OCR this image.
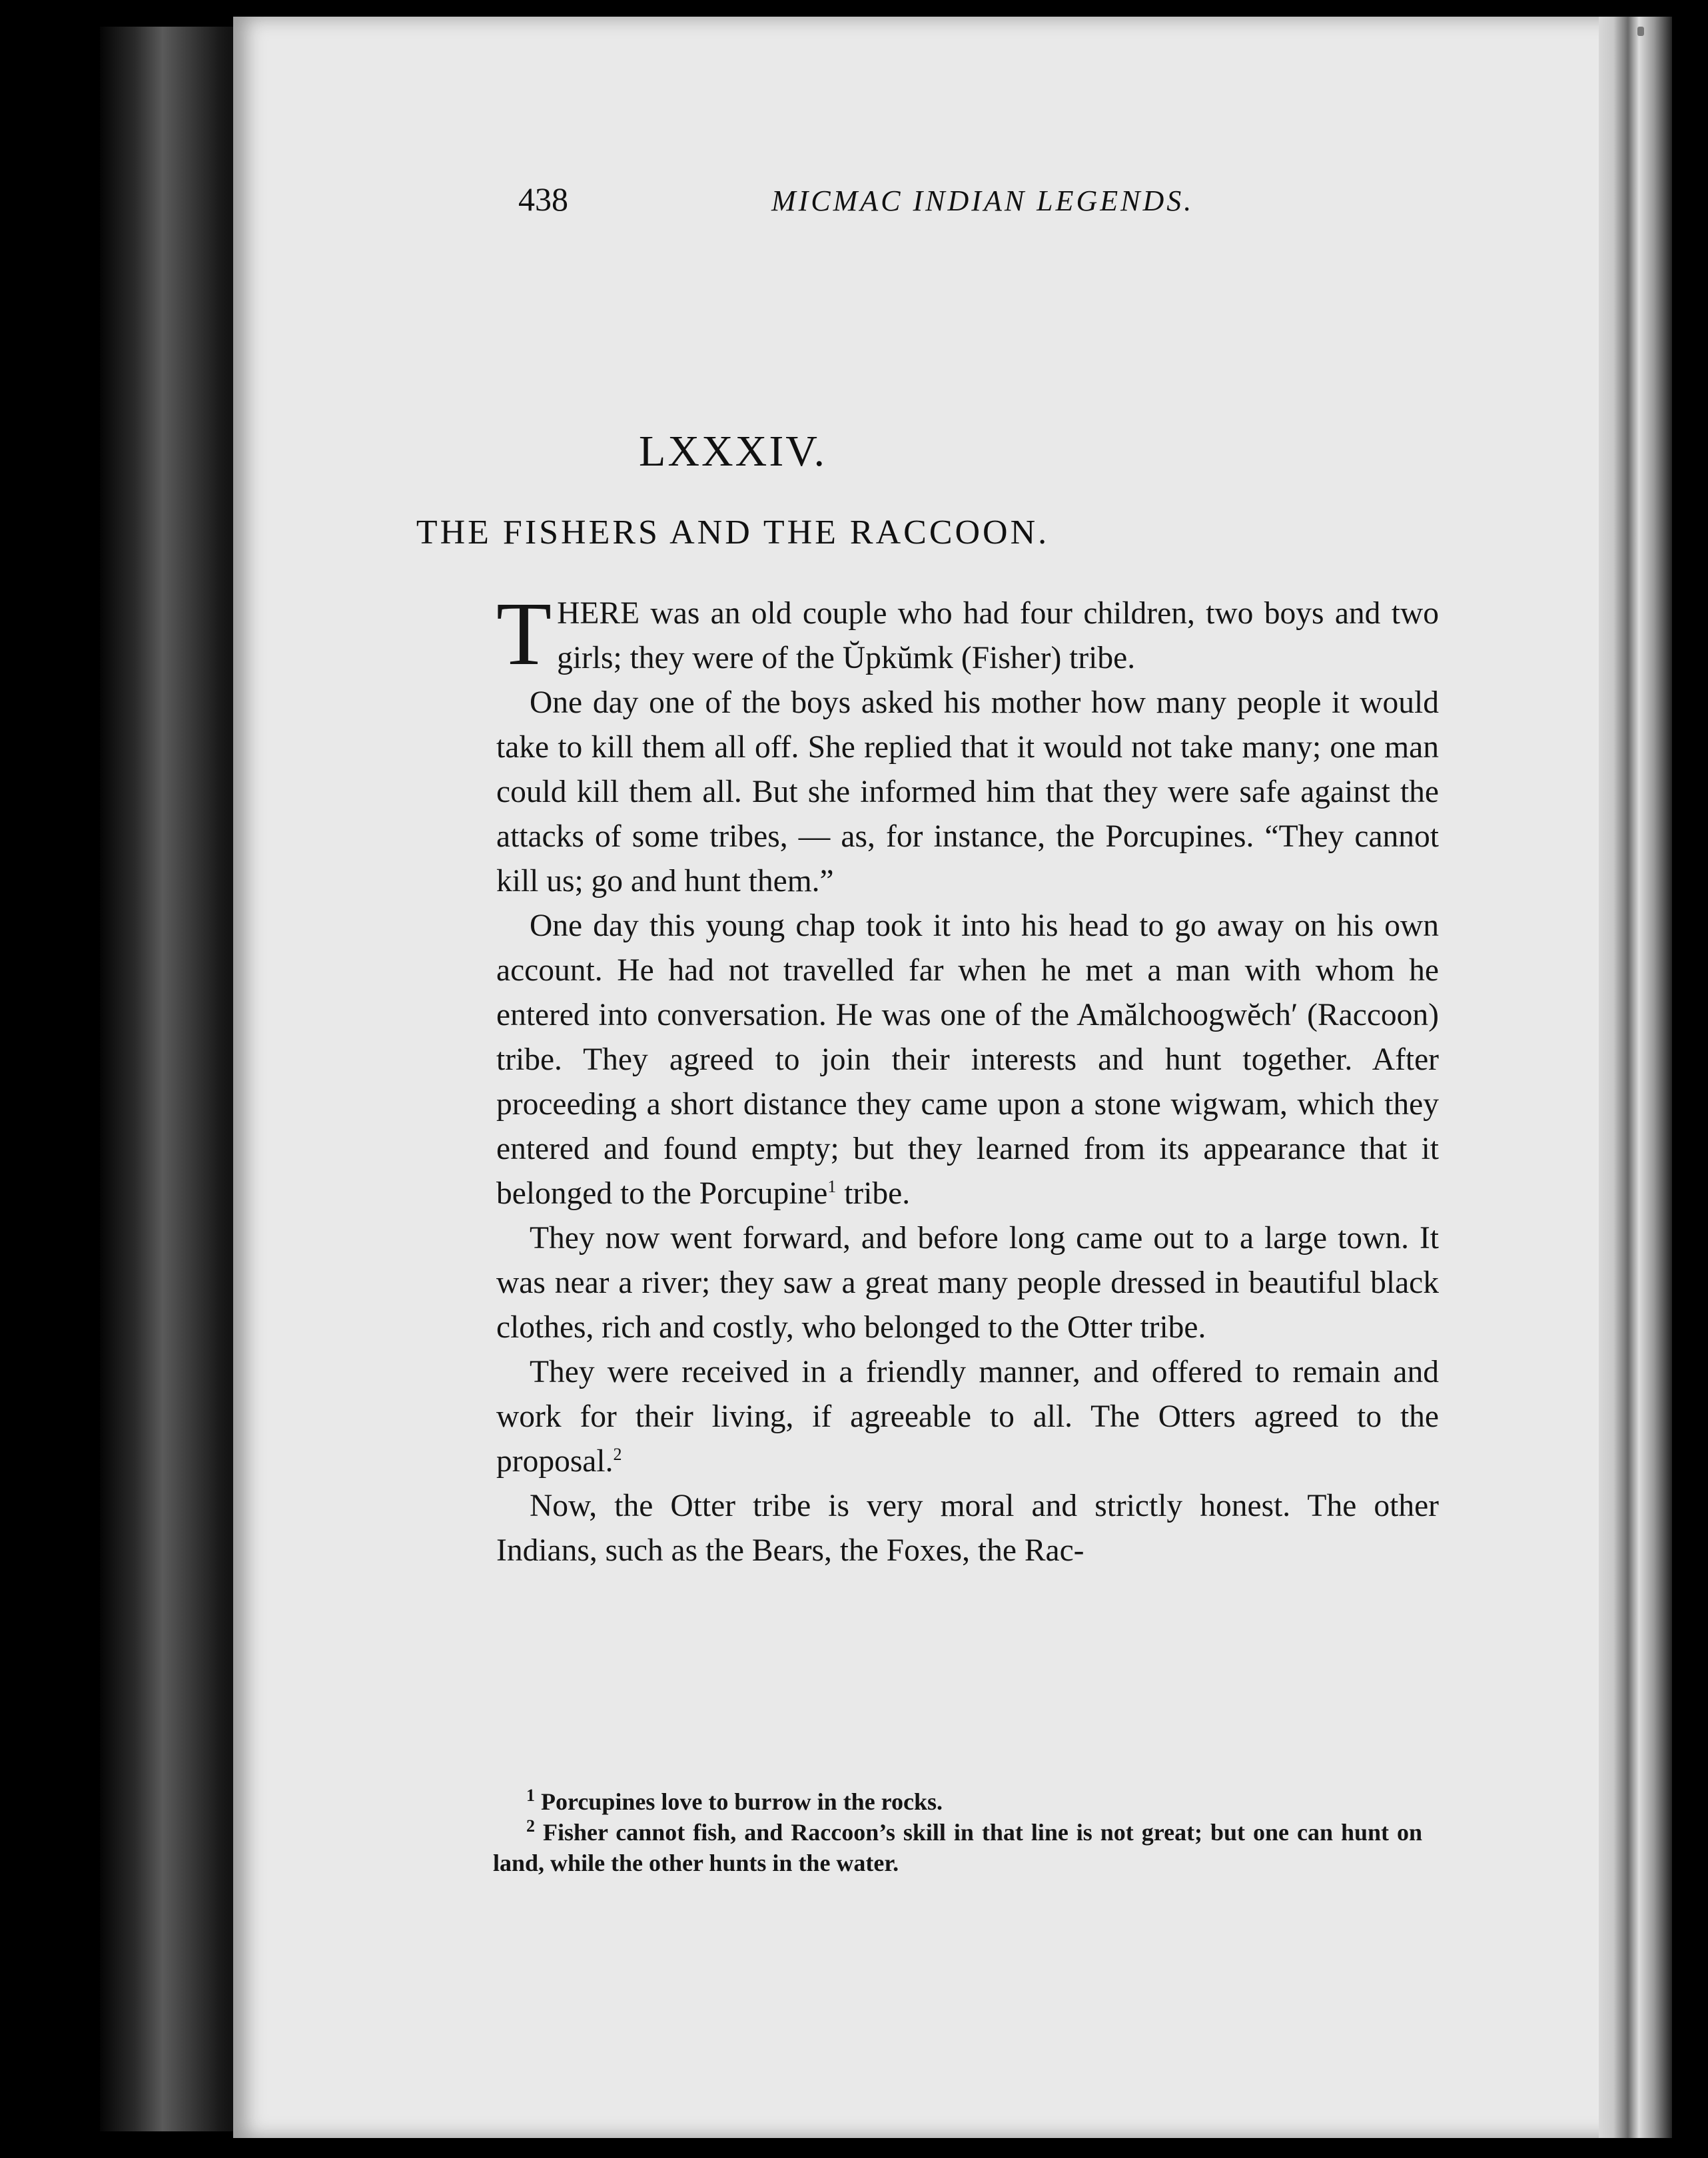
438	MICMAC INDIAN LEGENDS.
LXXXIV.
THE FISHERS AND THE RACCOON.

THERE was an old couple who had four children, two boys and two girls; they were of the Ŭpkŭmk (Fisher) tribe.

One day one of the boys asked his mother how many people it would take to kill them all off. She replied that it would not take many; one man could kill them all. But she informed him that they were safe against the attacks of some tribes, — as, for instance, the Porcupines. “They cannot kill us; go and hunt them.”

One day this young chap took it into his head to go away on his own account. He had not travelled far when he met a man with whom he entered into conversation. He was one of the Amălchoogwĕch′ (Raccoon) tribe. They agreed to join their interests and hunt together. After proceeding a short distance they came upon a stone wigwam, which they entered and found empty; but they learned from its appearance that it belonged to the Porcupine$^1$ tribe.

They now went forward, and before long came out to a large town. It was near a river; they saw a great many people dressed in beautiful black clothes, rich and costly, who belonged to the Otter tribe.

They were received in a friendly manner, and offered to remain and work for their living, if agreeable to all. The Otters agreed to the proposal.$^2$

Now, the Otter tribe is very moral and strictly honest. The other Indians, such as the Bears, the Foxes, the Rac-

$^1$ Porcupines love to burrow in the rocks.

$^2$ Fisher cannot fish, and Raccoon’s skill in that line is not great; but one can hunt on land, while the other hunts in the water.
